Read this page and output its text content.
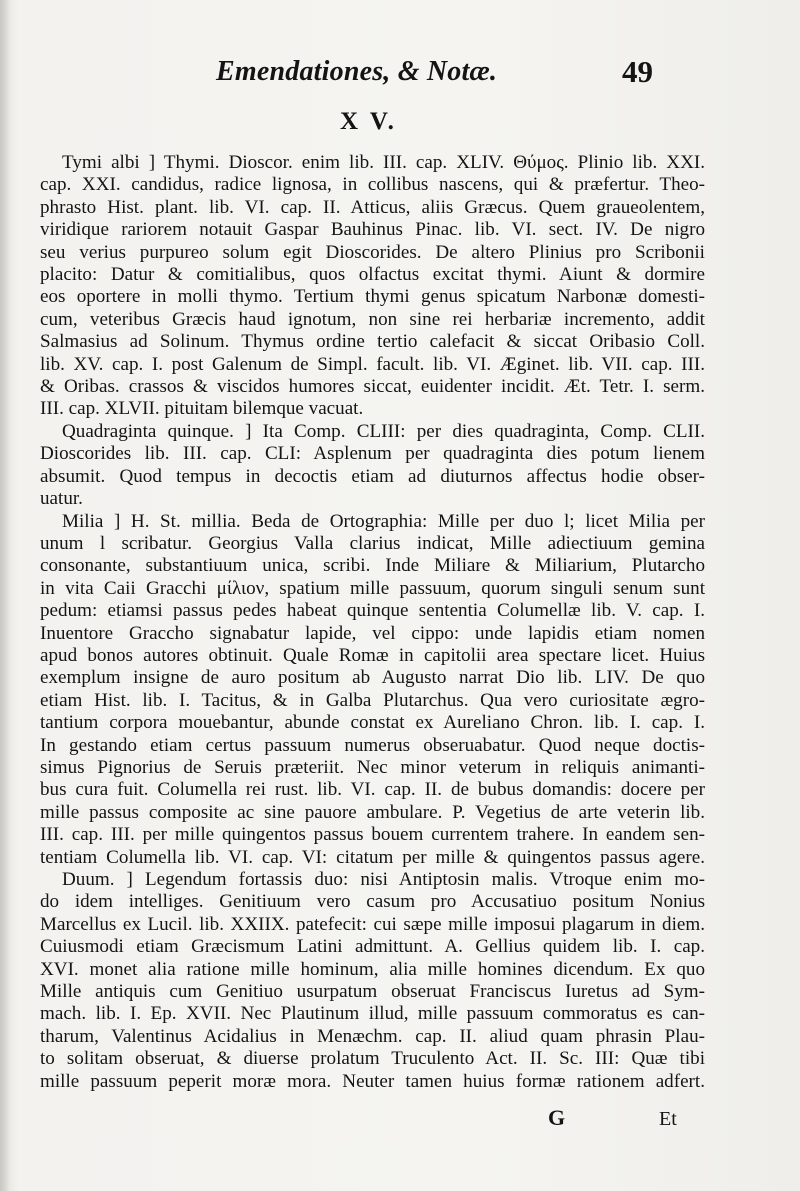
Emendationes, & Notæ.	49
X V.
Tymi albi ] Thymi. Dioscor. enim lib. III. cap. XLIV. Θύμος. Plinio lib. XXI.
cap. XXI. candidus, radice lignosa, in collibus nascens, qui & præfertur. Theo-
phrasto Hist. plant. lib. VI. cap. II. Atticus, aliis Græcus. Quem graueolentem,
viridique rariorem notauit Gaspar Bauhinus Pinac. lib. VI. sect. IV. De nigro
seu verius purpureo solum egit Dioscorides. De altero Plinius pro Scribonii
placito: Datur & comitialibus, quos olfactus excitat thymi. Aiunt & dormire
eos oportere in molli thymo. Tertium thymi genus spicatum Narbonæ domesti-
cum, veteribus Græcis haud ignotum, non sine rei herbariæ incremento, addit
Salmasius ad Solinum. Thymus ordine tertio calefacit & siccat Oribasio Coll.
lib. XV. cap. I. post Galenum de Simpl. facult. lib. VI. Æginet. lib. VII. cap. III.
& Oribas. crassos & viscidos humores siccat, euidenter incidit. Æt. Tetr. I. serm.
III. cap. XLVII. pituitam bilemque vacuat.
Quadraginta quinque. ] Ita Comp. CLIII: per dies quadraginta, Comp. CLII.
Dioscorides lib. III. cap. CLI: Asplenum per quadraginta dies potum lienem
absumit. Quod tempus in decoctis etiam ad diuturnos affectus hodie obser-
uatur.
Milia ] H. St. millia. Beda de Ortographia: Mille per duo l; licet Milia per
unum l scribatur. Georgius Valla clarius indicat, Mille adiectiuum gemina
consonante, substantiuum unica, scribi. Inde Miliare & Miliarium, Plutarcho
in vita Caii Gracchi μίλιον, spatium mille passuum, quorum singuli senum sunt
pedum: etiamsi passus pedes habeat quinque sententia Columellæ lib. V. cap. I.
Inuentore Graccho signabatur lapide, vel cippo: unde lapidis etiam nomen
apud bonos autores obtinuit. Quale Romæ in capitolii area spectare licet. Huius
exemplum insigne de auro positum ab Augusto narrat Dio lib. LIV. De quo
etiam Hist. lib. I. Tacitus, & in Galba Plutarchus. Qua vero curiositate ægro-
tantium corpora mouebantur, abunde constat ex Aureliano Chron. lib. I. cap. I.
In gestando etiam certus passuum numerus obseruabatur. Quod neque doctis-
simus Pignorius de Seruis præteriit. Nec minor veterum in reliquis animanti-
bus cura fuit. Columella rei rust. lib. VI. cap. II. de bubus domandis: docere per
mille passus composite ac sine pauore ambulare. P. Vegetius de arte veterin lib.
III. cap. III. per mille quingentos passus bouem currentem trahere. In eandem sen-
tentiam Columella lib. VI. cap. VI: citatum per mille & quingentos passus agere.
Duum. ] Legendum fortassis duo: nisi Antiptosin malis. Vtroque enim mo-
do idem intelliges. Genitiuum vero casum pro Accusatiuo positum Nonius
Marcellus ex Lucil. lib. XXIIX. patefecit: cui sæpe mille imposui plagarum in diem.
Cuiusmodi etiam Græcismum Latini admittunt. A. Gellius quidem lib. I. cap.
XVI. monet alia ratione mille hominum, alia mille homines dicendum. Ex quo
Mille antiquis cum Genitiuo usurpatum obseruat Franciscus Iuretus ad Sym-
mach. lib. I. Ep. XVII. Nec Plautinum illud, mille passuum commoratus es can-
tharum, Valentinus Acidalius in Menæchm. cap. II. aliud quam phrasin Plau-
to solitam obseruat, & diuerse prolatum Truculento Act. II. Sc. III: Quæ tibi
mille passuum peperit moræ mora. Neuter tamen huius formæ rationem adfert.
G	Et
